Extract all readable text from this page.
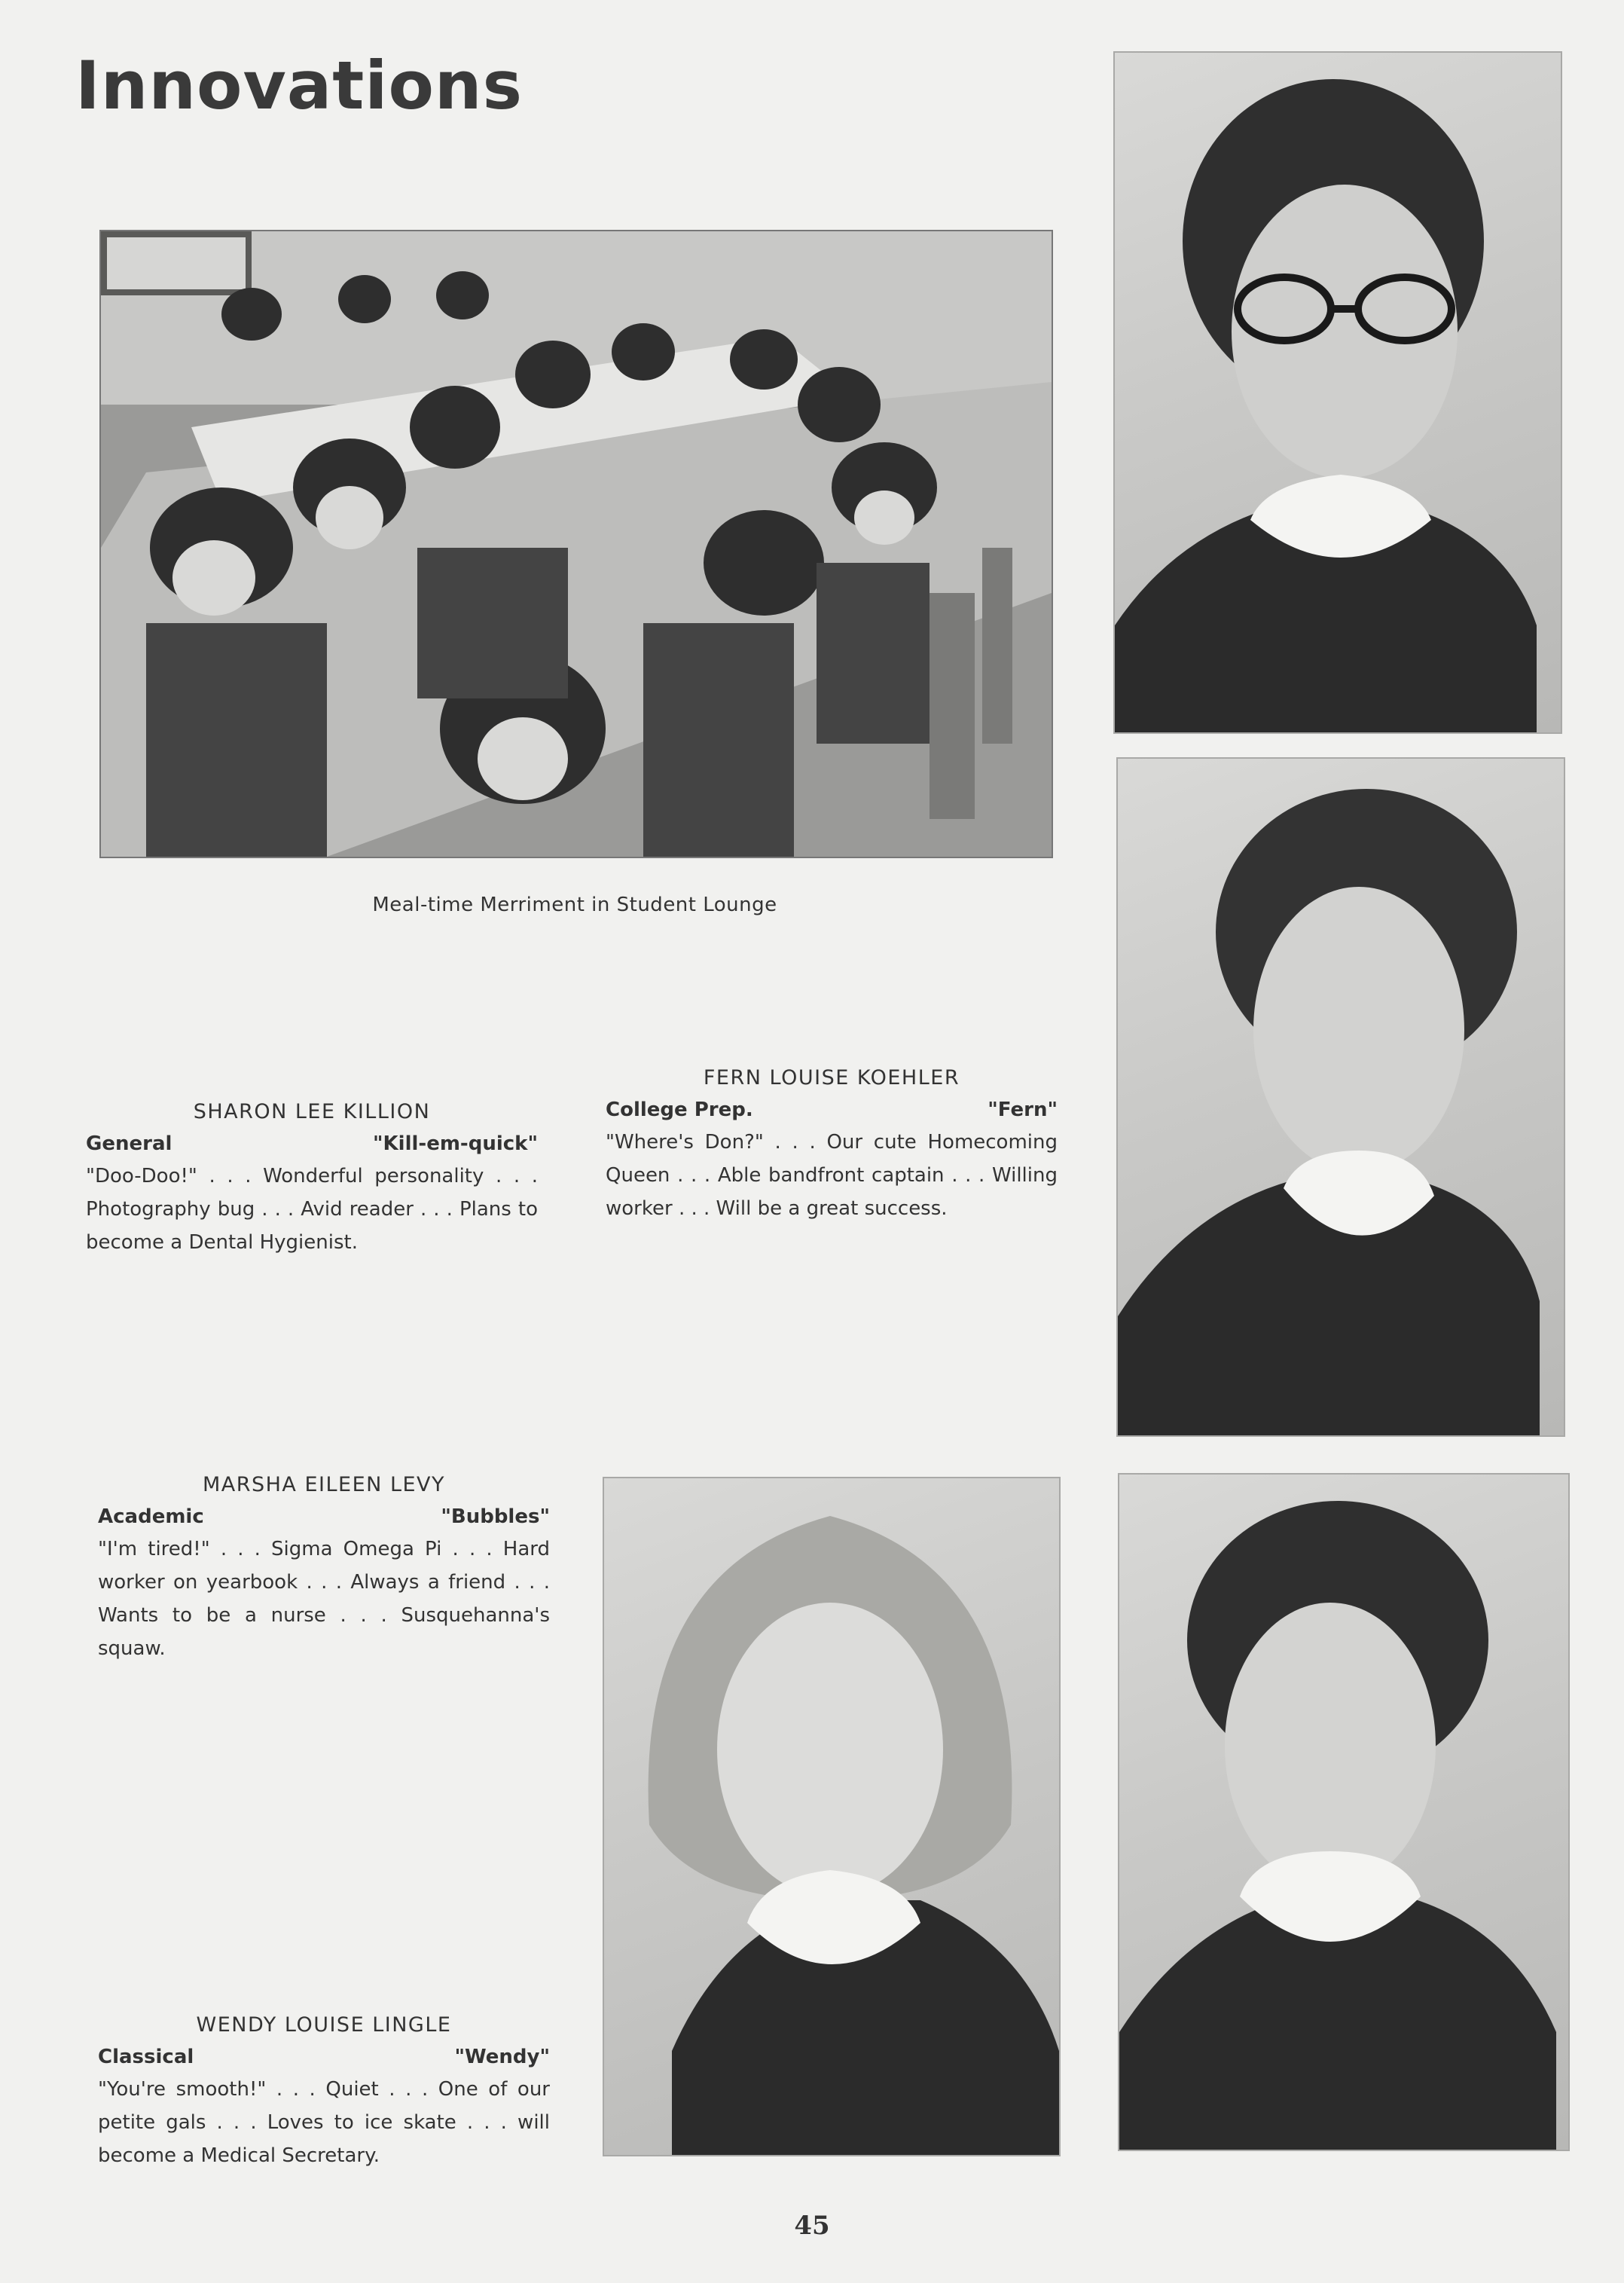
Innovations
Meal-time Merriment in Student Lounge
SHARON LEE KILLION
General	"Kill-em-quick"
"Doo-Doo!" . . . Wonderful personality . . . Photography bug . . . Avid reader . . . Plans to become a Dental Hygienist.
FERN LOUISE KOEHLER
College Prep.	"Fern"
"Where's Don?" . . . Our cute Homecoming Queen . . . Able bandfront captain . . . Willing worker . . . Will be a great success.
MARSHA EILEEN LEVY
Academic	"Bubbles"
"I'm tired!" . . . Sigma Omega Pi . . . Hard worker on yearbook . . . Always a friend . . . Wants to be a nurse . . . Susquehanna's squaw.
WENDY LOUISE LINGLE
Classical	"Wendy"
"You're smooth!" . . . Quiet . . . One of our petite gals . . . Loves to ice skate . . . will become a Medical Secretary.
45
